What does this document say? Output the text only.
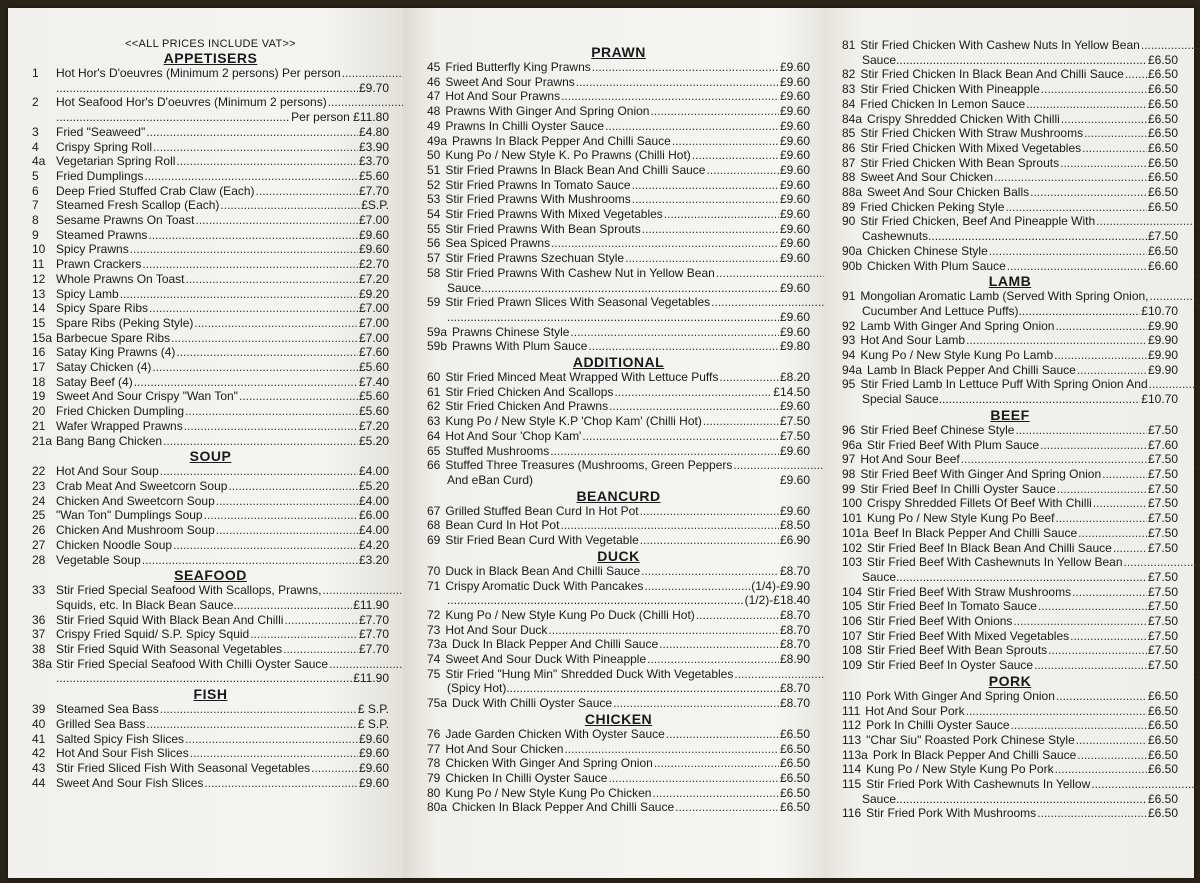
<<ALL PRICES INCLUDE VAT>>
APPETISERS
1	Hot Hor's D'oeuvres (Minimum 2 persons) Per person .....
.....
£9.70
2	Hot Seafood Hor's D'oeuvres (Minimum 2 persons) .....
.....
Per person £11.80
3	Fried "Seaweed" .....	£4.80
4	Crispy Spring Roll .....	£3.90
4a Vegetarian Spring Roll .....	£3.70
5	Fried Dumplings .....	£5.60
6	Deep Fried Stuffed Crab Claw (Each) .....	£7.70
7	Steamed Fresh Scallop (Each) .....	£S.P.
8	Sesame Prawns On Toast .....	£7.00
9	Steamed Prawns .....	£9.60
10 Spicy Prawns .....	£9.60
11 Prawn Crackers .....	£2.70
12 Whole Prawns On Toast .....	£7.20
13 Spicy Lamb .....	£9.20
14 Spicy Spare Ribs .....	£7.00
15 Spare Ribs (Peking Style) .....	£7.00
15a Barbecue Spare Ribs .....	£7.00
16 Satay King Prawns (4) .....	£7.60
17 Satay Chicken (4) .....	£5.60
18 Satay Beef (4) .....	£7.40
19 Sweet And Sour Crispy "Wan Ton" .....	£5.60
20 Fried Chicken Dumpling .....	£5.60
21 Wafer Wrapped Prawns .....	£7.20
21a Bang Bang Chicken .....	£5.20
SOUP
22 Hot And Sour Soup .....	£4.00
23 Crab Meat And Sweetcorn Soup .....	£5.20
24 Chicken And Sweetcorn Soup .....	£4.00
25 "Wan Ton" Dumplings Soup .....	£6.00
26 Chicken And Mushroom Soup .....	£4.00
27 Chicken Noodle Soup .....	£4.20
28 Vegetable Soup .....	£3.20
SEAFOOD
33 Stir Fried Special Seafood With Scallops, Prawns, .....
Squids, etc. In Black Bean Sauce .....	£11.90
36 Stir Fried Squid With Black Bean And Chilli .....	£7.70
37 Crispy Fried Squid/ S.P. Spicy Squid .....	£7.70
38 Stir Fried Squid With Seasonal Vegetables .....	£7.70
38a Stir Fried Special Seafood With Chilli Oyster Sauce .....
.....
£11.90
FISH
39 Steamed Sea Bass .....	£ S.P.
40 Grilled Sea Bass .....	£ S.P.
41 Salted Spicy Fish Slices .....	£9.60
42 Hot And Sour Fish Slices .....	£9.60
43 Stir Fried Sliced Fish With Seasonal Vegetables .....	£9.60
44 Sweet And Sour Fish Slices .....	£9.60
PRAWN
45 Fried Butterfly King Prawns .....	£9.60
46 Sweet And Sour Prawns .....	£9.60
47 Hot And Sour Prawns .....	£9.60
48 Prawns With Ginger And Spring Onion .....	£9.60
49 Prawns In Chilli Oyster Sauce .....	£9.60
49a Prawns In Black Pepper And Chilli Sauce .....	£9.60
50 Kung Po / New Style K. Po Prawns (Chilli Hot) .....	£9.60
51 Stir Fried Prawns In Black Bean And Chilli Sauce .....	£9.60
52 Stir Fried Prawns In Tomato Sauce .....	£9.60
53 Stir Fried Prawns With Mushrooms .....	£9.60
54 Stir Fried Prawns With Mixed Vegetables .....	£9.60
55 Stir Fried Prawns With Bean Sprouts .....	£9.60
56 Sea Spiced Prawns .....	£9.60
57 Stir Fried Prawns Szechuan Style .....	£9.60
58 Stir Fried Prawns With Cashew Nut in Yellow Bean .....
Sauce .....	£9.60
59 Stir Fried Prawn Slices With Seasonal Vegetables .....
.....
£9.60
59a Prawns Chinese Style .....	£9.60
59b Prawns With Plum Sauce .....	£9.80
ADDITIONAL
60 Stir Fried Minced Meat Wrapped With Lettuce Puffs .....	£8.20
61 Stir Fried Chicken And Scallops .....	£14.50
62 Stir Fried Chicken And Prawns .....	£9.60
63 Kung Po / New Style K.P 'Chop Kam' (Chilli Hot) .....	£7.50
64 Hot And Sour 'Chop Kam' .....	£7.50
65 Stuffed Mushrooms .....	£9.60
66 Stuffed Three Treasures (Mushrooms, Green Peppers .....
And eBan Curd)	£9.60
BEANCURD
67 Grilled Stuffed Bean Curd In Hot Pot .....	£9.60
68 Bean Curd In Hot Pot .....	£8.50
69 Stir Fried Bean Curd With Vegetable .....	£6.90
DUCK
70 Duck in Black Bean And Chilli Sauce .....	£8.70
71 Crispy Aromatic Duck With Pancakes .....	(1/4)-£9.90
.....
(1/2)-£18.40
72 Kung Po / New Style Kung Po Duck (Chilli Hot) .....	£8.70
73 Hot And Sour Duck .....	£8.70
73a Duck In Black Pepper And Chilli Sauce .....	£8.70
74 Sweet And Sour Duck With Pineapple .....	£8.90
75 Stir Fried "Hung Min" Shredded Duck With Vegetables .....
(Spicy Hot) .....	£8.70
75a Duck With Chilli Oyster Sauce .....	£8.70
CHICKEN
76 Jade Garden Chicken With Oyster Sauce .....	£6.50
77 Hot And Sour Chicken .....	£6.50
78 Chicken With Ginger And Spring Onion .....	£6.50
79 Chicken In Chilli Oyster Sauce .....	£6.50
80 Kung Po / New Style Kung Po Chicken .....	£6.50
80a Chicken In Black Pepper And Chilli Sauce .....	£6.50
81 Stir Fried Chicken With Cashew Nuts In Yellow Bean .....
Sauce .....	£6.50
82 Stir Fried Chicken In Black Bean And Chilli Sauce .....	£6.50
83 Stir Fried Chicken With Pineapple .....	£6.50
84 Fried Chicken In Lemon Sauce .....	£6.50
84a Crispy Shredded Chicken With Chilli .....	£6.50
85 Stir Fried Chicken With Straw Mushrooms .....	£6.50
86 Stir Fried Chicken With Mixed Vegetables .....	£6.50
87 Stir Fried Chicken With Bean Sprouts .....	£6.50
88 Sweet And Sour Chicken .....	£6.50
88a Sweet And Sour Chicken Balls .....	£6.50
89 Fried Chicken Peking Style .....	£6.50
90 Stir Fried Chicken, Beef And Pineapple With .....
Cashewnuts .....	£7.50
90a Chicken Chinese Style .....	£6.50
90b Chicken With Plum Sauce .....	£6.60
LAMB
91 Mongolian Aromatic Lamb (Served With Spring Onion, .....
Cucumber And Lettuce Puffs) .....	£10.70
92 Lamb With Ginger And Spring Onion .....	£9.90
93 Hot And Sour Lamb .....	£9.90
94 Kung Po / New Style Kung Po Lamb .....	£9.90
94a Lamb In Black Pepper And Chilli Sauce .....	£9.90
95 Stir Fried Lamb In Lettuce Puff With Spring Onion And .....
Special Sauce .....	£10.70
BEEF
96 Stir Fried Beef Chinese Style .....	£7.50
96a Stir Fried Beef With Plum Sauce .....	£7.60
97 Hot And Sour Beef .....	£7.50
98 Stir Fried Beef With Ginger And Spring Onion .....	£7.50
99 Stir Fried Beef In Chilli Oyster Sauce .....	£7.50
100 Crispy Shredded Fillets Of Beef With Chilli .....	£7.50
101 Kung Po / New Style Kung Po Beef .....	£7.50
101a Beef In Black Pepper And Chilli Sauce .....	£7.50
102 Stir Fried Beef In Black Bean And Chilli Sauce .....	£7.50
103 Stir Fried Beef With Cashewnuts In Yellow Bean .....
Sauce .....	£7.50
104 Stir Fried Beef With Straw Mushrooms .....	£7.50
105 Stir Fried Beef In Tomato Sauce .....	£7.50
106 Stir Fried Beef With Onions .....	£7.50
107 Stir Fried Beef With Mixed Vegetables .....	£7.50
108 Stir Fried Beef With Bean Sprouts .....	£7.50
109 Stir Fried Beef In Oyster Sauce .....	£7.50
PORK
110 Pork With Ginger And Spring Onion .....	£6.50
111 Hot And Sour Pork .....	£6.50
112 Pork In Chilli Oyster Sauce .....	£6.50
113 "Char Siu" Roasted Pork Chinese Style .....	£6.50
113a Pork In Black Pepper And Chilli Sauce .....	£6.50
114 Kung Po / New Style Kung Po Pork .....	£6.50
115 Stir Fried Pork With Cashewnuts In Yellow .....
Sauce .....	£6.50
116 Stir Fried Pork With Mushrooms .....	£6.50
